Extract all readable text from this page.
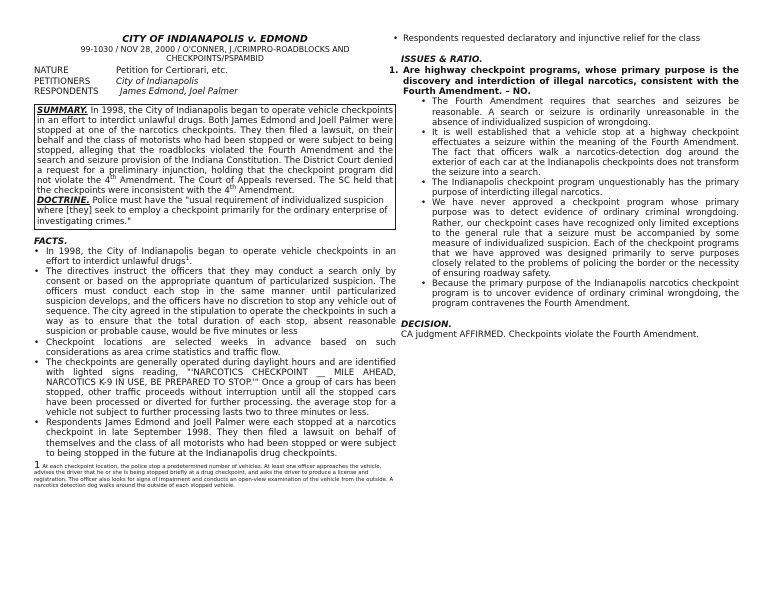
CITY OF INDIANAPOLIS v. EDMOND
99-1030 / NOV 28, 2000 / O'CONNER, J./CRIMPRO-ROADBLOCKS AND
CHECKPOINTS/PSPAMBID
NATURE	Petition for Certiorari, etc.
PETITIONERS	City of Indianapolis
RESPONDENTS	James Edmond, Joel Palmer

SUMMARY. In 1998, the City of Indianapolis began to operate vehicle checkpoints in an effort to interdict unlawful drugs. Both James Edmond and Joell Palmer were stopped at one of the narcotics checkpoints. They then filed a lawsuit, on their behalf and the class of motorists who had been stopped or were subject to being stopped, alleging that the roadblocks violated the Fourth Amendment and the search and seizure provision of the Indiana Constitution. The District Court denied a request for a preliminary injunction, holding that the checkpoint program did not violate the 4th Amendment. The Court of Appeals reversed. The SC held that the checkpoints were inconsistent with the 4th Amendment.

DOCTRINE. Police must have the "usual requirement of individualized suspicion where [they] seek to employ a checkpoint primarily for the ordinary enterprise of investigating crimes."

FACTS.
• In 1998, the City of Indianapolis began to operate vehicle checkpoints in an effort to interdict unlawful drugs$^1$.
• The directives instruct the officers that they may conduct a search only by consent or based on the appropriate quantum of particularized suspicion. The officers must conduct each stop in the same manner until particularized suspicion develops, and the officers have no discretion to stop any vehicle out of sequence. The city agreed in the stipulation to operate the checkpoints in such a way as to ensure that the total duration of each stop, absent reasonable suspicion or probable cause, would be five minutes or less
• Checkpoint locations are selected weeks in advance based on such considerations as area crime statistics and traffic flow.
• The checkpoints are generally operated during daylight hours and are identified with lighted signs reading, "'NARCOTICS CHECKPOINT __ MILE AHEAD, NARCOTICS K-9 IN USE, BE PREPARED TO STOP.'" Once a group of cars has been stopped, other traffic proceeds without interruption until all the stopped cars have been processed or diverted for further processing. the average stop for a vehicle not subject to further processing lasts two to three minutes or less.
• Respondents James Edmond and Joell Palmer were each stopped at a narcotics checkpoint in late September 1998. They then filed a lawsuit on behalf of themselves and the class of all motorists who had been stopped or were subject to being stopped in the future at the Indianapolis drug checkpoints.
1 At each checkpoint location, the police stop a predetermined number of vehicles. At least one officer approaches the vehicle, advises the driver that he or she is being stopped briefly at a drug checkpoint, and asks the driver to produce a license and registration. The officer also looks for signs of impairment and conducts an open-view examination of the vehicle from the outside. A narcotics detection dog walks around the outside of each stopped vehicle.
• Respondents requested declaratory and injunctive relief for the class
ISSUES & RATIO.
1. Are highway checkpoint programs, whose primary purpose is the discovery and interdiction of illegal narcotics, consistent with the Fourth Amendment. – NO.
• The Fourth Amendment requires that searches and seizures be reasonable. A search or seizure is ordinarily unreasonable in the absence of individualized suspicion of wrongdoing.
• It is well established that a vehicle stop at a highway checkpoint effectuates a seizure within the meaning of the Fourth Amendment. The fact that officers walk a narcotics-detection dog around the exterior of each car at the Indianapolis checkpoints does not transform the seizure into a search.
• The Indianapolis checkpoint program unquestionably has the primary purpose of interdicting illegal narcotics.
• We have never approved a checkpoint program whose primary purpose was to detect evidence of ordinary criminal wrongdoing. Rather, our checkpoint cases have recognized only limited exceptions to the general rule that a seizure must be accompanied by some measure of individualized suspicion. Each of the checkpoint programs that we have approved was designed primarily to serve purposes closely related to the problems of policing the border or the necessity of ensuring roadway safety.
• Because the primary purpose of the Indianapolis narcotics checkpoint program is to uncover evidence of ordinary criminal wrongdoing, the program contravenes the Fourth Amendment.
DECISION.
CA judgment AFFIRMED. Checkpoints violate the Fourth Amendment.
